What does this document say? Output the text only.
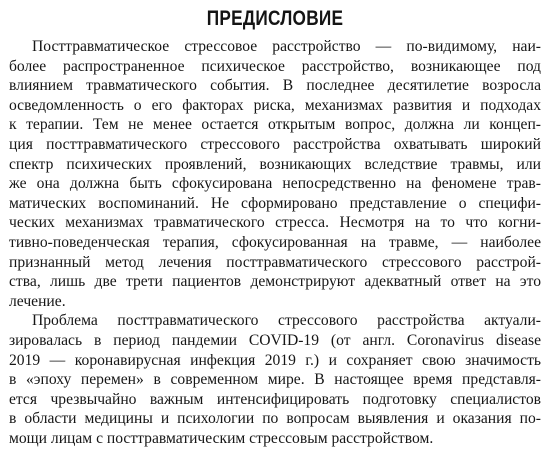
ПРЕДИСЛОВИЕ
Посттравматическое стрессовое расстройство — по-видимому, наи-
более распространенное психическое расстройство, возникающее под
влиянием травматического события. В последнее десятилетие возросла
осведомленность о его факторах риска, механизмах развития и подходах
к терапии. Тем не менее остается открытым вопрос, должна ли концеп-
ция посттравматического стрессового расстройства охватывать широкий
спектр психических проявлений, возникающих вследствие травмы, или
же она должна быть сфокусирована непосредственно на феномене трав-
матических воспоминаний. Не сформировано представление о специфи-
ческих механизмах травматического стресса. Несмотря на то что когни-
тивно-поведенческая терапия, сфокусированная на травме, — наиболее
признанный метод лечения посттравматического стрессового расстрой-
ства, лишь две трети пациентов демонстрируют адекватный ответ на это
лечение.
Проблема посттравматического стрессового расстройства актуали-
зировалась в период пандемии COVID-19 (от англ. Coronavirus disease
2019 — коронавирусная инфекция 2019 г.) и сохраняет свою значимость
в «эпоху перемен» в современном мире. В настоящее время представля-
ется чрезвычайно важным интенсифицировать подготовку специалистов
в области медицины и психологии по вопросам выявления и оказания по-
мощи лицам с посттравматическим стрессовым расстройством.
